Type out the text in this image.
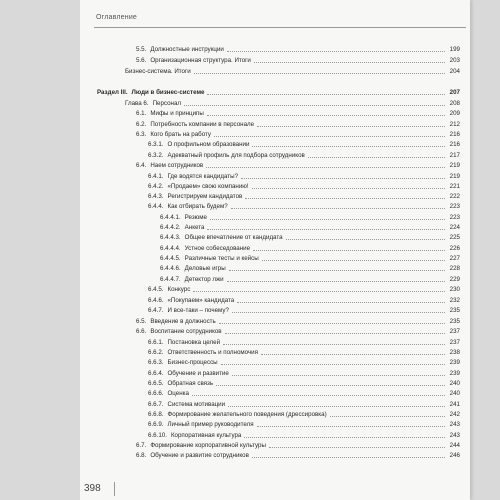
Оглавление
5.5. Должностные инструкции	199
5.6. Организационная структура. Итоги	203
Бизнес-система. Итоги	204
Раздел III. Люди в бизнес-системе	207
Глава 6. Персонал	208
6.1. Мифы и принципы	209
6.2. Потребность компании в персонале	212
6.3. Кого брать на работу	216
6.3.1. О профильном образовании	216
6.3.2. Адекватный профиль для подбора сотрудников	217
6.4. Наем сотрудников	219
6.4.1. Где водятся кандидаты?	219
6.4.2. «Продаем» свою компанию!	221
6.4.3. Регистрируем кандидатов	222
6.4.4. Как отбирать будем?	223
6.4.4.1. Резюме	223
6.4.4.2. Анкета	224
6.4.4.3. Общее впечатление от кандидата	225
6.4.4.4. Устное собеседование	226
6.4.4.5. Различные тесты и кейсы	227
6.4.4.6. Деловые игры	228
6.4.4.7. Детектор лжи	229
6.4.5. Конкурс	230
6.4.6. «Покупаем» кандидата	232
6.4.7. И все-таки – почему?	235
6.5. Введение в должность	235
6.6. Воспитание сотрудников	237
6.6.1. Постановка целей	237
6.6.2. Ответственность и полномочия	238
6.6.3. Бизнес-процессы	239
6.6.4. Обучение и развитие	239
6.6.5. Обратная связь	240
6.6.6. Оценка	240
6.6.7. Система мотивации	241
6.6.8. Формирование желательного поведения (дрессировка)	242
6.6.9. Личный пример руководителя	243
6.6.10. Корпоративная культура	243
6.7. Формирование корпоративной культуры	244
6.8. Обучение и развитие сотрудников	246
398
